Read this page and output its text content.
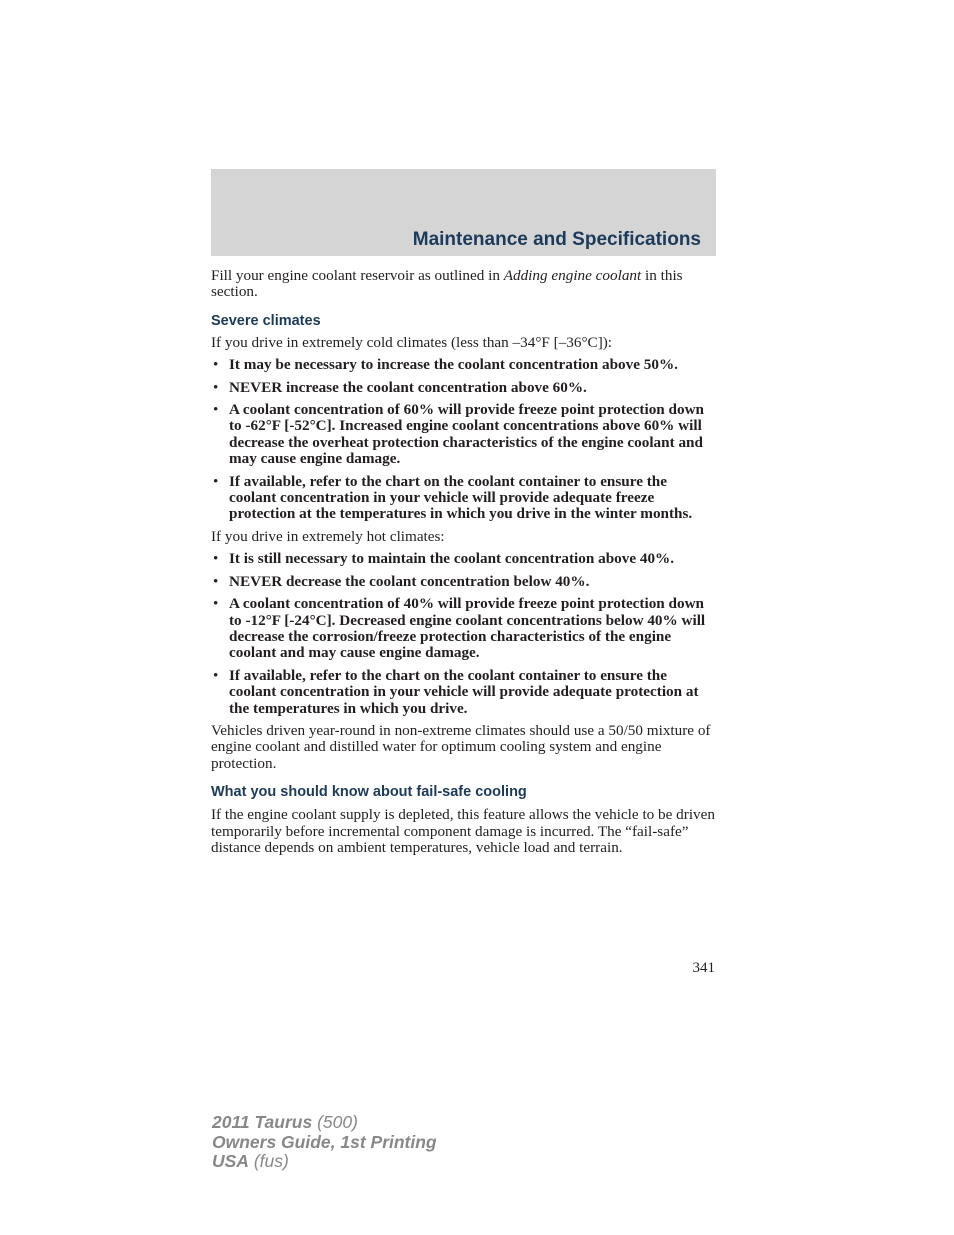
Maintenance and Specifications

Fill your engine coolant reservoir as outlined in Adding engine coolant in this section.

Severe climates

If you drive in extremely cold climates (less than –34°F [–36°C]):

• It may be necessary to increase the coolant concentration above 50%.
• NEVER increase the coolant concentration above 60%.
• A coolant concentration of 60% will provide freeze point protection down to -62°F [-52°C]. Increased engine coolant concentrations above 60% will decrease the overheat protection characteristics of the engine coolant and may cause engine damage.
• If available, refer to the chart on the coolant container to ensure the coolant concentration in your vehicle will provide adequate freeze protection at the temperatures in which you drive in the winter months.

If you drive in extremely hot climates:

• It is still necessary to maintain the coolant concentration above 40%.
• NEVER decrease the coolant concentration below 40%.
• A coolant concentration of 40% will provide freeze point protection down to -12°F [-24°C]. Decreased engine coolant concentrations below 40% will decrease the corrosion/freeze protection characteristics of the engine coolant and may cause engine damage.
• If available, refer to the chart on the coolant container to ensure the coolant concentration in your vehicle will provide adequate protection at the temperatures in which you drive.

Vehicles driven year-round in non-extreme climates should use a 50/50 mixture of engine coolant and distilled water for optimum cooling system and engine protection.

What you should know about fail-safe cooling

If the engine coolant supply is depleted, this feature allows the vehicle to be driven temporarily before incremental component damage is incurred. The “fail-safe” distance depends on ambient temperatures, vehicle load and terrain.

341
2011 Taurus (500)
Owners Guide, 1st Printing
USA (fus)
